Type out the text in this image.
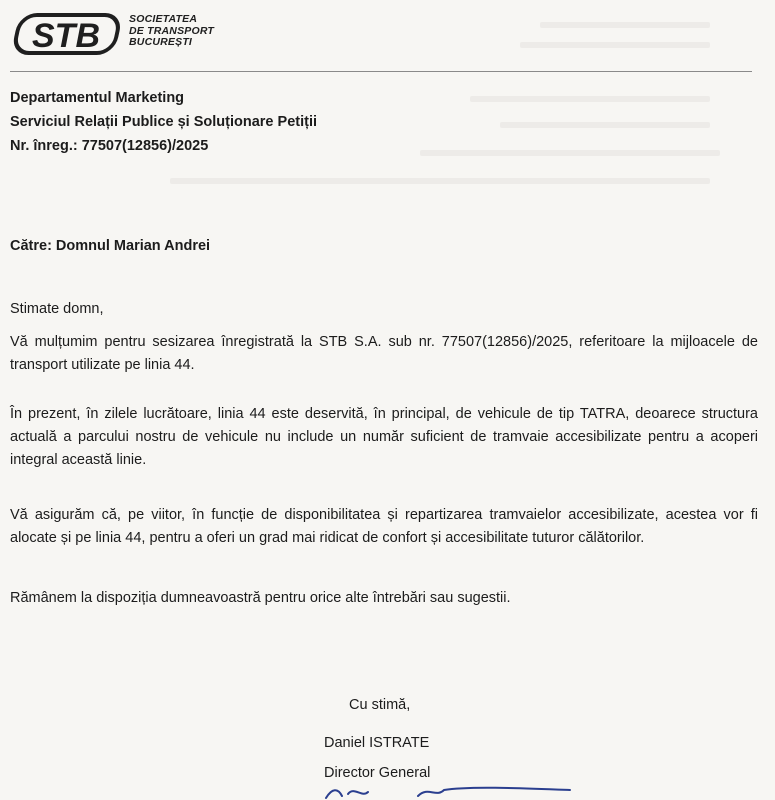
STB	SOCIETATEA
DE TRANSPORT
BUCUREȘTI
Departamentul Marketing
Serviciul Relații Publice și Soluționare Petiții
Nr. înreg.: 77507(12856)/2025
Către: Domnul Marian Andrei
Stimate domn,
Vă mulțumim pentru sesizarea înregistrată la STB S.A. sub nr. 77507(12856)/2025, referitoare la mijloacele de transport utilizate pe linia 44.
În prezent, în zilele lucrătoare, linia 44 este deservită, în principal, de vehicule de tip TATRA, deoarece structura actuală a parcului nostru de vehicule nu include un număr suficient de tramvaie accesibilizate pentru a acoperi integral această linie.
Vă asigurăm că, pe viitor, în funcție de disponibilitatea și repartizarea tramvaielor accesibilizate, acestea vor fi alocate și pe linia 44, pentru a oferi un grad mai ridicat de confort și accesibilitate tuturor călătorilor.
Rămânem la dispoziția dumneavoastră pentru orice alte întrebări sau sugestii.
Cu stimă,
Daniel ISTRATE
Director General
